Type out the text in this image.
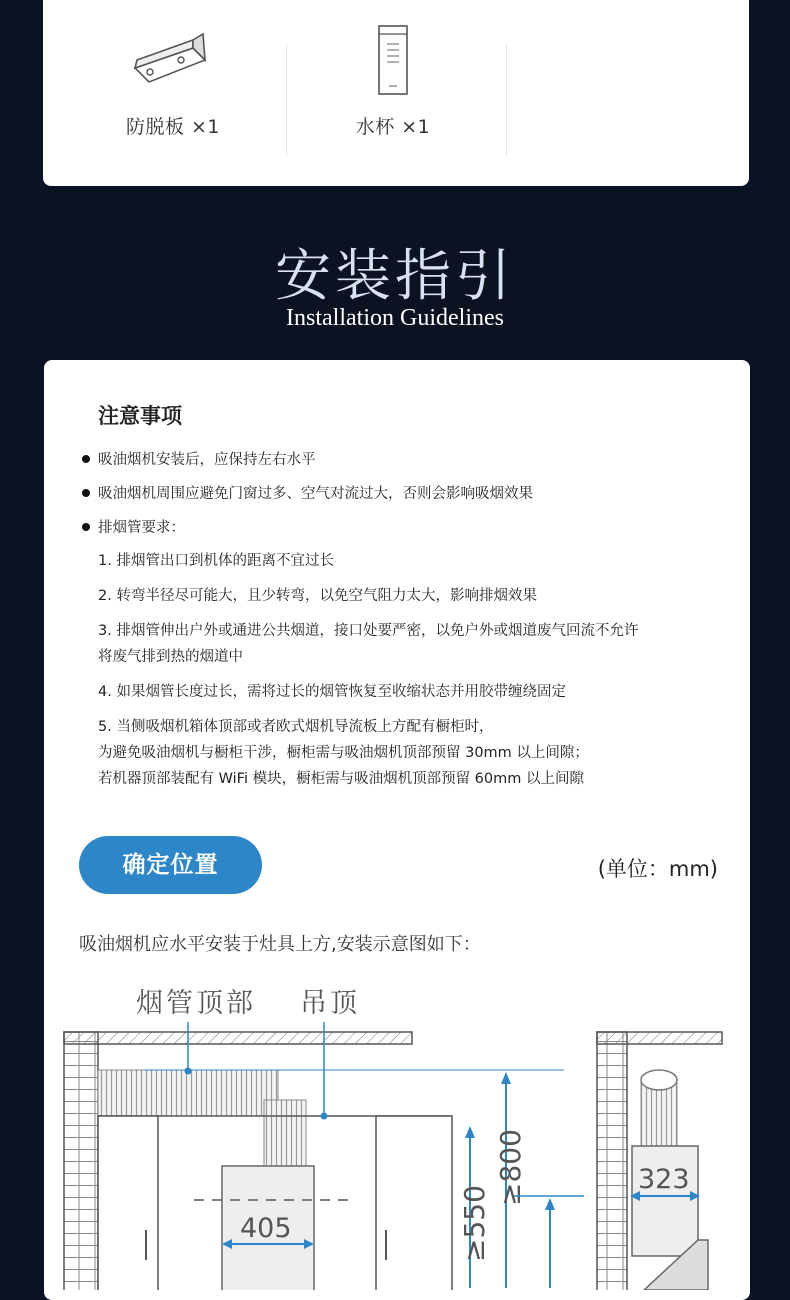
防脱板 ×1	水杯 ×1
安装指引
Installation Guidelines
注意事项
吸油烟机安装后，应保持左右水平
吸油烟机周围应避免门窗过多、空气对流过大，否则会影响吸烟效果
排烟管要求：
1. 排烟管出口到机体的距离不宜过长
2. 转弯半径尽可能大，且少转弯，以免空气阻力太大，影响排烟效果
3. 排烟管伸出户外或通进公共烟道，接口处要严密，以免户外或烟道废气回流不允许
将废气排到热的烟道中
4. 如果烟管长度过长，需将过长的烟管恢复至收缩状态并用胶带缠绕固定
5. 当侧吸烟机箱体顶部或者欧式烟机导流板上方配有橱柜时，
为避免吸油烟机与橱柜干涉，橱柜需与吸油烟机顶部预留 30mm 以上间隙；
若机器顶部装配有 WiFi 模块，橱柜需与吸油烟机顶部预留 60mm 以上间隙
确定位置	(单位：mm)
吸油烟机应水平安装于灶具上方,安装示意图如下：
烟管顶部 吊顶
405	≥550
≥800	323
